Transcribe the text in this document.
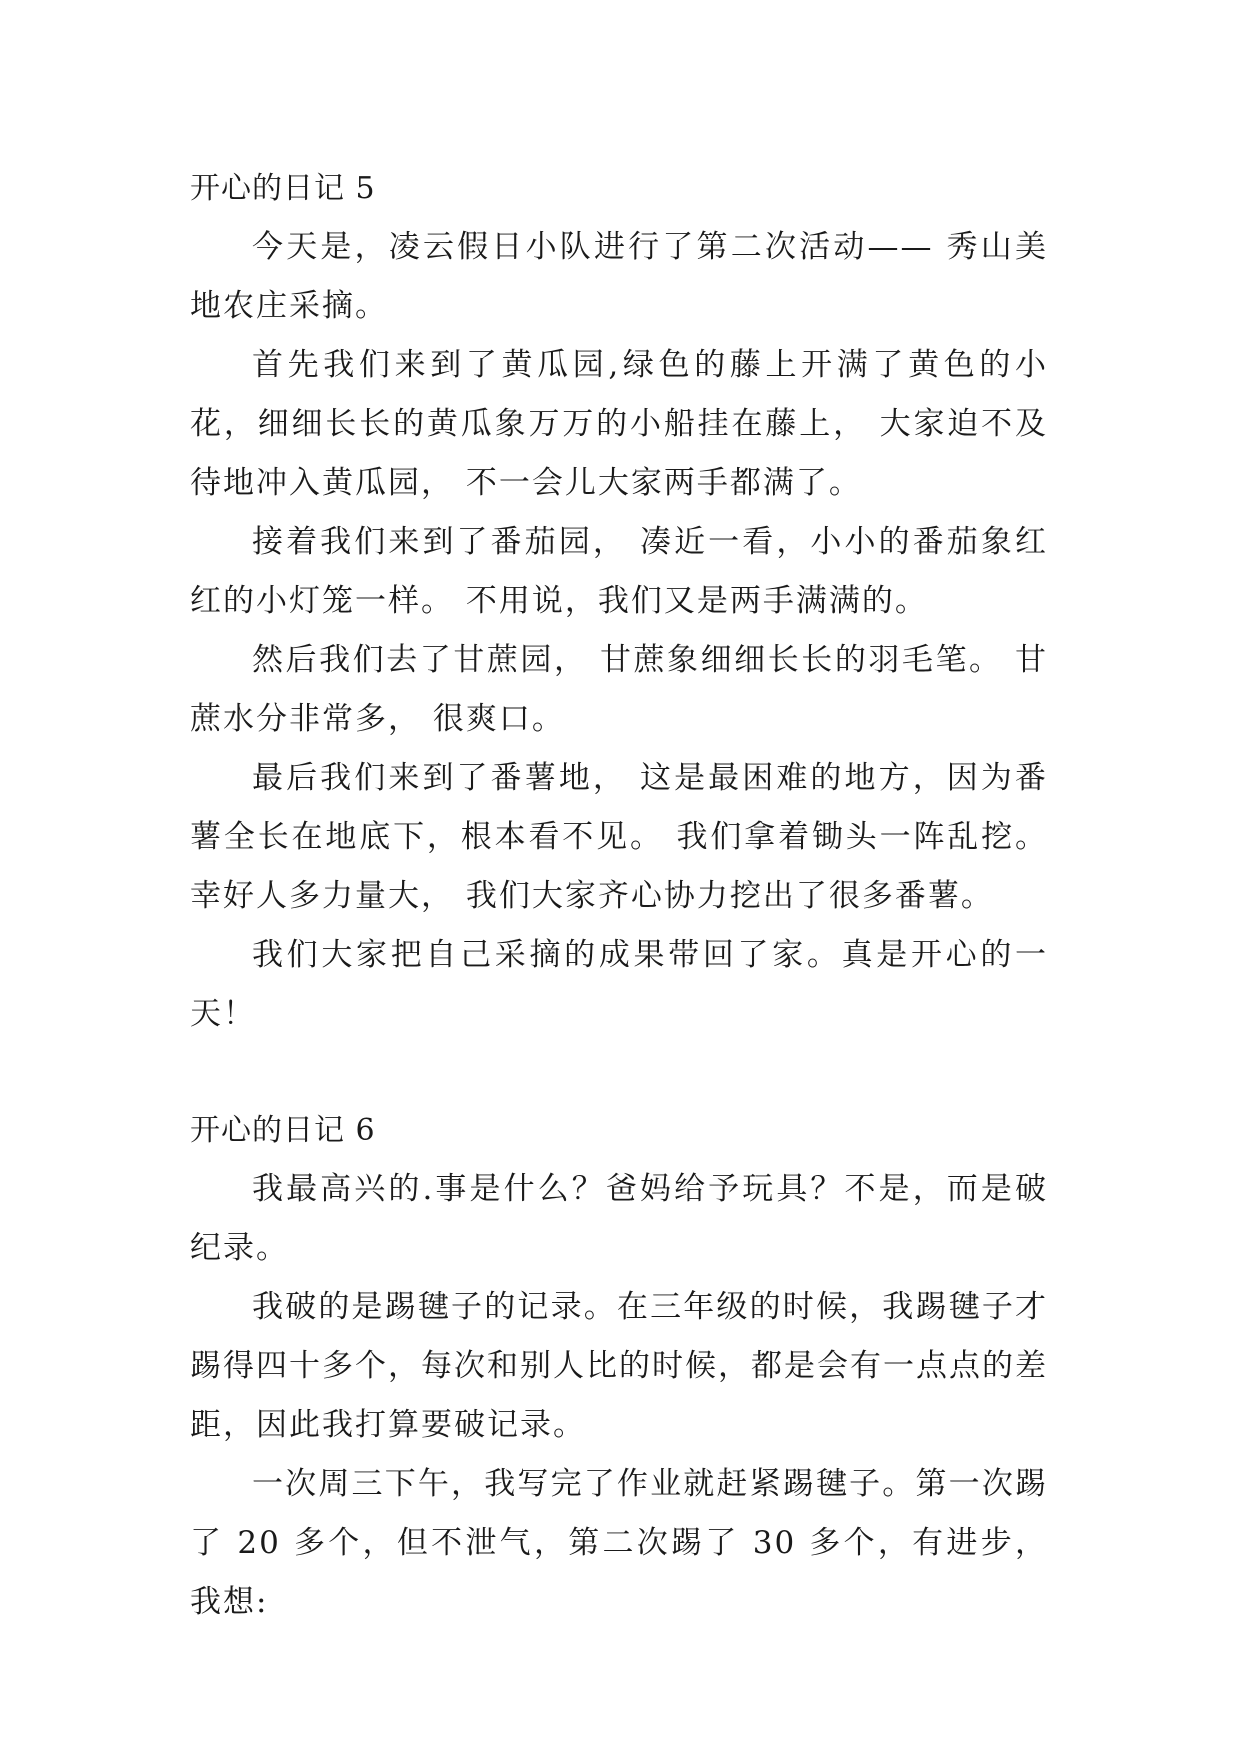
开心的日记 5

今天是，凌云假日小队进行了第二次活动—— 秀山美地农庄采摘。

首先我们来到了黄瓜园,绿色的藤上开满了黄色的小花，细细长长的黄瓜象万万的小船挂在藤上， 大家迫不及待地冲入黄瓜园， 不一会儿大家两手都满了。

接着我们来到了番茄园， 凑近一看，小小的番茄象红红的小灯笼一样。 不用说，我们又是两手满满的。

然后我们去了甘蔗园， 甘蔗象细细长长的羽毛笔。 甘蔗水分非常多， 很爽口。

最后我们来到了番薯地， 这是最困难的地方，因为番薯全长在地底下，根本看不见。 我们拿着锄头一阵乱挖。幸好人多力量大， 我们大家齐心协力挖出了很多番薯。

我们大家把自己采摘的成果带回了家。真是开心的一天！

开心的日记 6

我最高兴的.事是什么？爸妈给予玩具？不是，而是破纪录。

我破的是踢毽子的记录。在三年级的时候，我踢毽子才踢得四十多个，每次和别人比的时候，都是会有一点点的差距，因此我打算要破记录。

一次周三下午，我写完了作业就赶紧踢毽子。第一次踢了 20 多个，但不泄气，第二次踢了 30 多个，有进步，我想:
